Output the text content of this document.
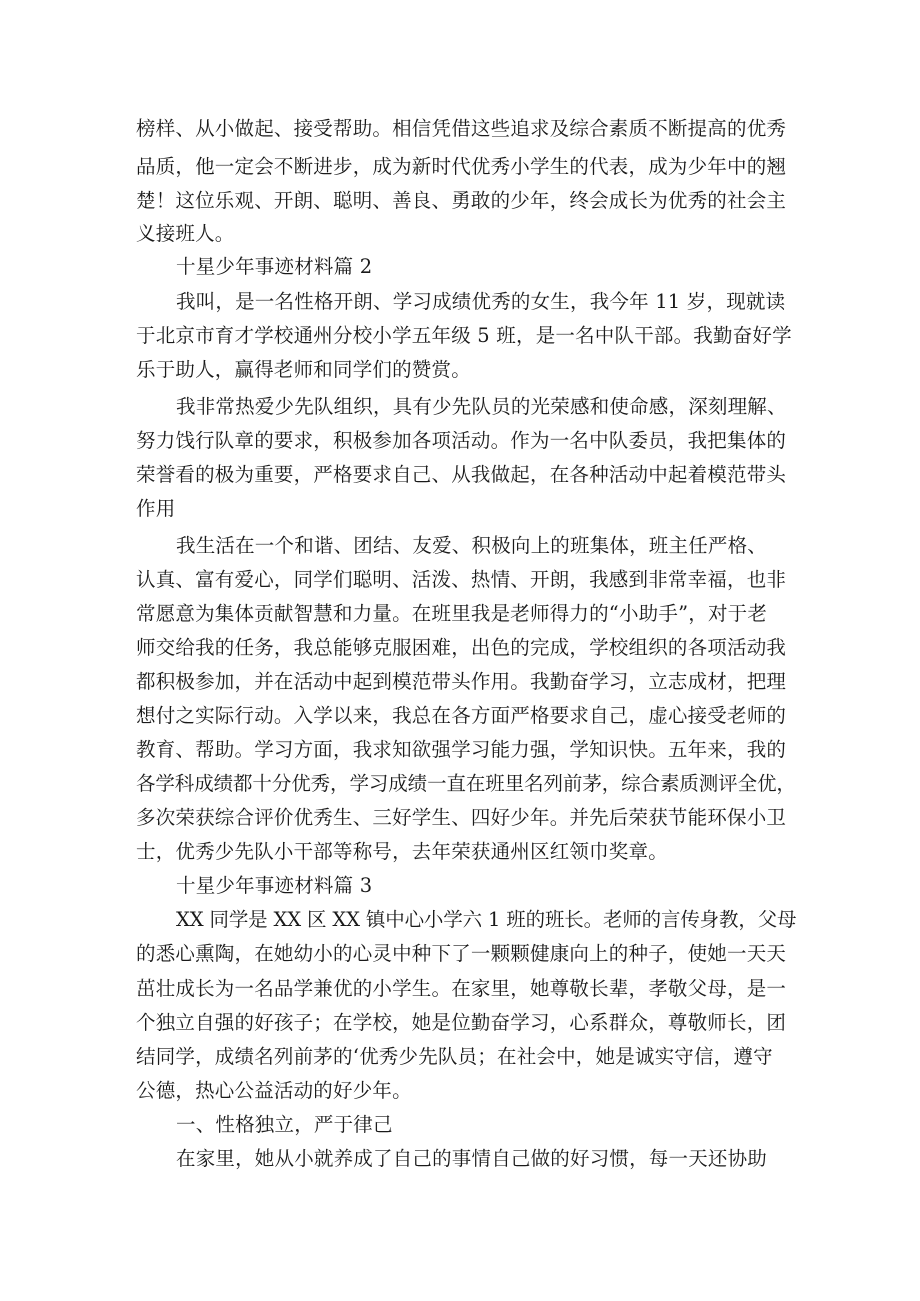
榜样、从小做起、接受帮助。相信凭借这些追求及综合素质不断提高的优秀
品质，他一定会不断进步，成为新时代优秀小学生的代表，成为少年中的翘
楚！这位乐观、开朗、聪明、善良、勇敢的少年，终会成长为优秀的社会主
义接班人。
十星少年事迹材料篇 2
我叫，是一名性格开朗、学习成绩优秀的女生，我今年 11 岁，现就读
于北京市育才学校通州分校小学五年级 5 班，是一名中队干部。我勤奋好学
乐于助人，赢得老师和同学们的赞赏。
我非常热爱少先队组织，具有少先队员的光荣感和使命感，深刻理解、
努力饯行队章的要求，积极参加各项活动。作为一名中队委员，我把集体的
荣誉看的极为重要，严格要求自己、从我做起，在各种活动中起着模范带头
作用
我生活在一个和谐、团结、友爱、积极向上的班集体，班主任严格、
认真、富有爱心，同学们聪明、活泼、热情、开朗，我感到非常幸福，也非
常愿意为集体贡献智慧和力量。在班里我是老师得力的“小助手”，对于老
师交给我的任务，我总能够克服困难，出色的完成，学校组织的各项活动我
都积极参加，并在活动中起到模范带头作用。我勤奋学习，立志成材，把理
想付之实际行动。入学以来，我总在各方面严格要求自己，虚心接受老师的
教育、帮助。学习方面，我求知欲强学习能力强，学知识快。五年来，我的
各学科成绩都十分优秀，学习成绩一直在班里名列前茅，综合素质测评全优，
多次荣获综合评价优秀生、三好学生、四好少年。并先后荣获节能环保小卫
士，优秀少先队小干部等称号，去年荣获通州区红领巾奖章。
十星少年事迹材料篇 3
XX 同学是 XX 区 XX 镇中心小学六 1 班的班长。老师的言传身教，父母
的悉心熏陶，在她幼小的心灵中种下了一颗颗健康向上的种子，使她一天天
茁壮成长为一名品学兼优的小学生。在家里，她尊敬长辈，孝敬父母，是一
个独立自强的好孩子；在学校，她是位勤奋学习，心系群众，尊敬师长，团
结同学，成绩名列前茅的‘优秀少先队员；在社会中，她是诚实守信，遵守
公德，热心公益活动的好少年。
一、性格独立，严于律己
在家里，她从小就养成了自己的事情自己做的好习惯，每一天还协助
